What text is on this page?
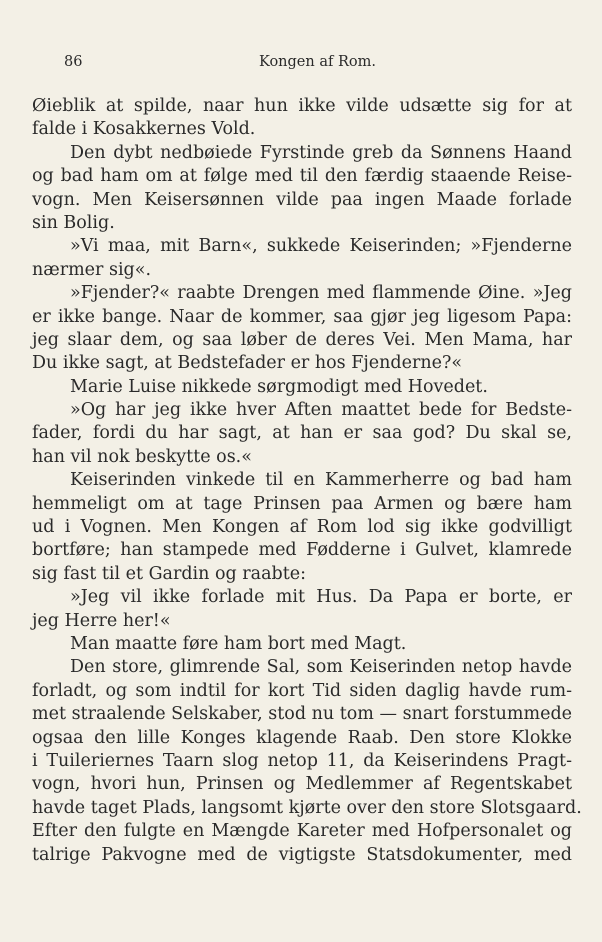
86	Kongen af Rom.
Øieblik at spilde, naar hun ikke vilde udsætte sig for at
falde i Kosakkernes Vold.
Den dybt nedbøiede Fyrstinde greb da Sønnens Haand
og bad ham om at følge med til den færdig staaende Reise-
vogn. Men Keisersønnen vilde paa ingen Maade forlade
sin Bolig.
»Vi maa, mit Barn«, sukkede Keiserinden; »Fjenderne
nærmer sig«.
»Fjender?« raabte Drengen med flammende Øine. »Jeg
er ikke bange. Naar de kommer, saa gjør jeg ligesom Papa:
jeg slaar dem, og saa løber de deres Vei. Men Mama, har
Du ikke sagt, at Bedstefader er hos Fjenderne?«
Marie Luise nikkede sørgmodigt med Hovedet.
»Og har jeg ikke hver Aften maattet bede for Bedste-
fader, fordi du har sagt, at han er saa god? Du skal se,
han vil nok beskytte os.«
Keiserinden vinkede til en Kammerherre og bad ham
hemmeligt om at tage Prinsen paa Armen og bære ham
ud i Vognen. Men Kongen af Rom lod sig ikke godvilligt
bortføre; han stampede med Fødderne i Gulvet, klamrede
sig fast til et Gardin og raabte:
»Jeg vil ikke forlade mit Hus. Da Papa er borte, er
jeg Herre her!«
Man maatte føre ham bort med Magt.
Den store, glimrende Sal, som Keiserinden netop havde
forladt, og som indtil for kort Tid siden daglig havde rum-
met straalende Selskaber, stod nu tom — snart forstummede
ogsaa den lille Konges klagende Raab. Den store Klokke
i Tuileriernes Taarn slog netop 11, da Keiserindens Pragt-
vogn, hvori hun, Prinsen og Medlemmer af Regentskabet
havde taget Plads, langsomt kjørte over den store Slotsgaard.
Efter den fulgte en Mængde Kareter med Hofpersonalet og
talrige Pakvogne med de vigtigste Statsdokumenter, med
